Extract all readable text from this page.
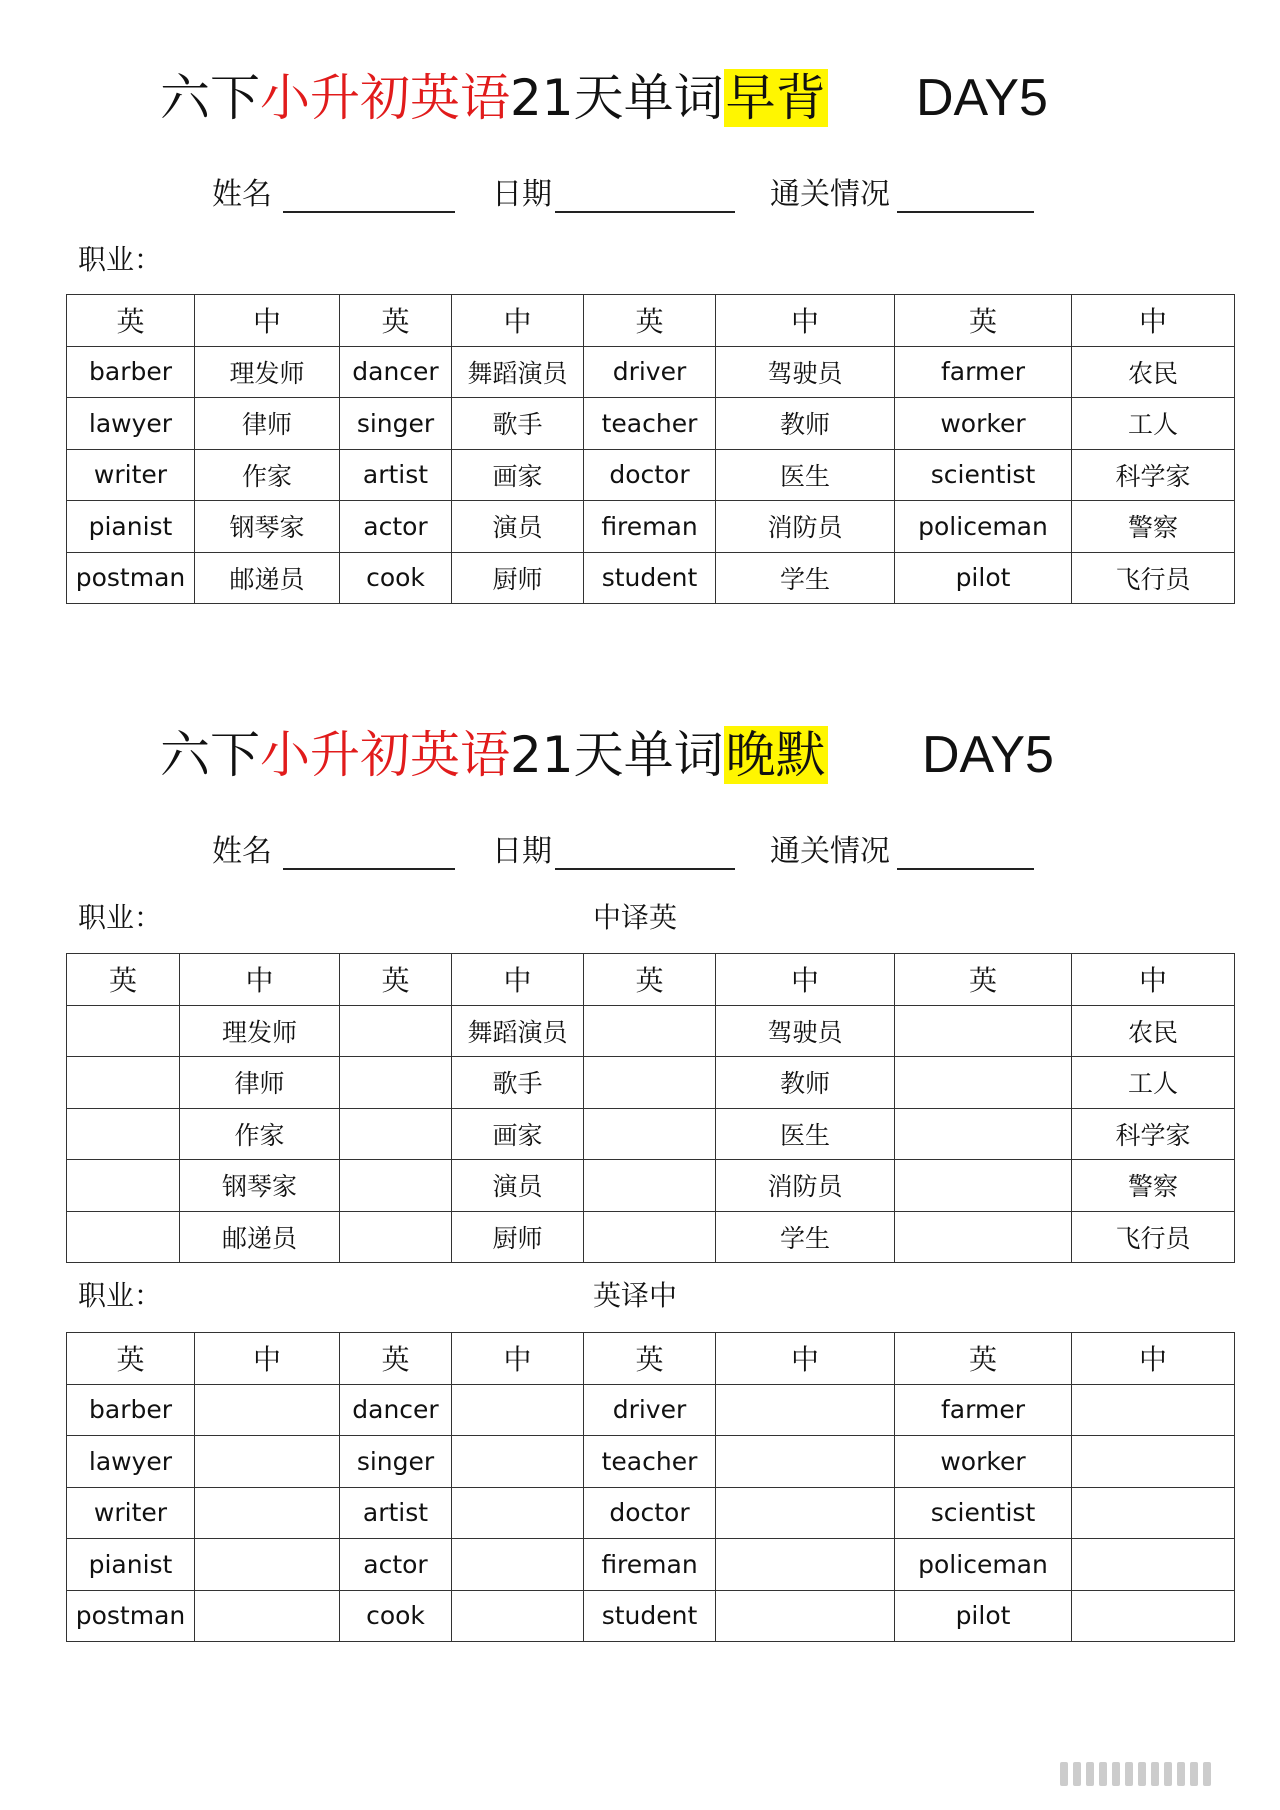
六下小升初英语21天单词早背 DAY5
姓名	日期	通关情况
职业：
英	中	英	中	英	中	英	中
barber	理发师	dancer	舞蹈演员	driver	驾驶员	farmer	农民
lawyer	律师	singer	歌手	teacher	教师	worker	工人
writer	作家	artist	画家	doctor	医生	scientist	科学家
pianist	钢琴家	actor	演员	fireman	消防员	policeman	警察
postman	邮递员	cook	厨师	student	学生	pilot	飞行员
六下小升初英语21天单词晚默 DAY5
姓名	日期	通关情况
职业：	中译英
英	中	英	中	英	中	英	中
	理发师		舞蹈演员		驾驶员		农民
	律师		歌手		教师		工人
	作家		画家		医生		科学家
	钢琴家		演员		消防员		警察
	邮递员		厨师		学生		飞行员
职业：	英译中
英	中	英	中	英	中	英	中
barber		dancer		driver		farmer	
lawyer		singer		teacher		worker	
writer		artist		doctor		scientist	
pianist		actor		fireman		policeman	
postman		cook		student		pilot	
